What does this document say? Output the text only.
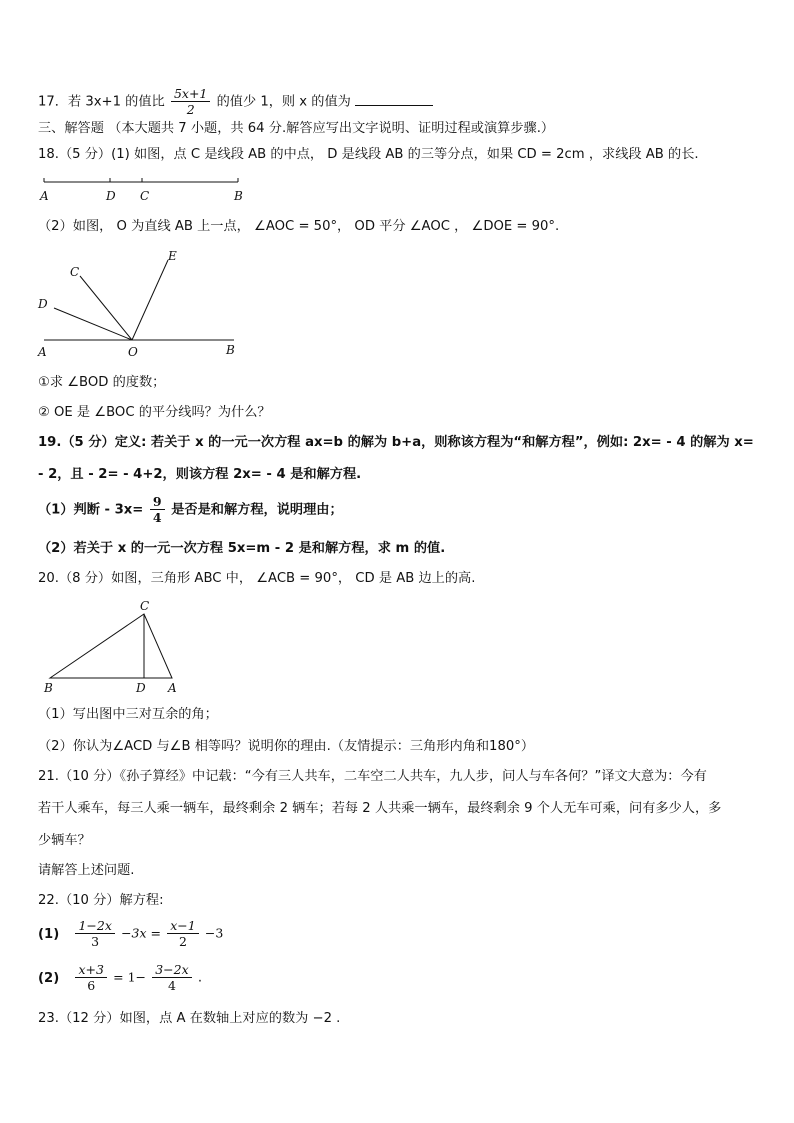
17．若 3x+1 的值比 $\frac{5x+1}{2}$ 的值少 1，则 x 的值为
三、解答题 （本大题共 7 小题，共 64 分.解答应写出文字说明、证明过程或演算步骤.）
18.（5 分）(1) 如图，点 C 是线段 AB 的中点， D 是线段 AB 的三等分点，如果 CD = 2cm ，求线段 AB 的长.
A	D C	B
（2）如图， O 为直线 AB 上一点， ∠AOC = 50°， OD 平分 ∠AOC ， ∠DOE = 90°.
C
E
D
A	O	B
①求 ∠BOD 的度数；
② OE 是 ∠BOC 的平分线吗？为什么？
19.（5 分）定义: 若关于 x 的一元一次方程 ax=b 的解为 b+a，则称该方程为“和解方程”，例如: 2x= - 4 的解为 x=
- 2，且 - 2= - 4+2，则该方程 2x= - 4 是和解方程.
（1）判断 - $3x= \frac{9}{4}$ 是否是和解方程，说明理由；
（2）若关于 x 的一元一次方程 5x=m - 2 是和解方程，求 m 的值.
20.（8 分）如图，三角形 ABC 中， ∠ACB = 90°， CD 是 AB 边上的高.
C
B	D A
（1）写出图中三对互余的角；
（2）你认为∠ACD 与∠B 相等吗？说明你的理由.（友情提示：三角形内角和180°）
21.（10 分）《孙子算经》中记载：“今有三人共车，二车空二人共车，九人步，问人与车各何？”译文大意为：今有
若干人乘车，每三人乘一辆车，最终剩余 2 辆车；若每 2 人共乘一辆车，最终剩余 9 个人无车可乘，问有多少人，多
少辆车？
请解答上述问题.
22.（10 分）解方程:
$(1) \frac{1-2x}{3} -3x = \frac{x-1}{2} -3$
$(2) \frac{x+3}{6} = 1- \frac{3-2x}{4}$ .
23.（12 分）如图，点 A 在数轴上对应的数为 −2 .
